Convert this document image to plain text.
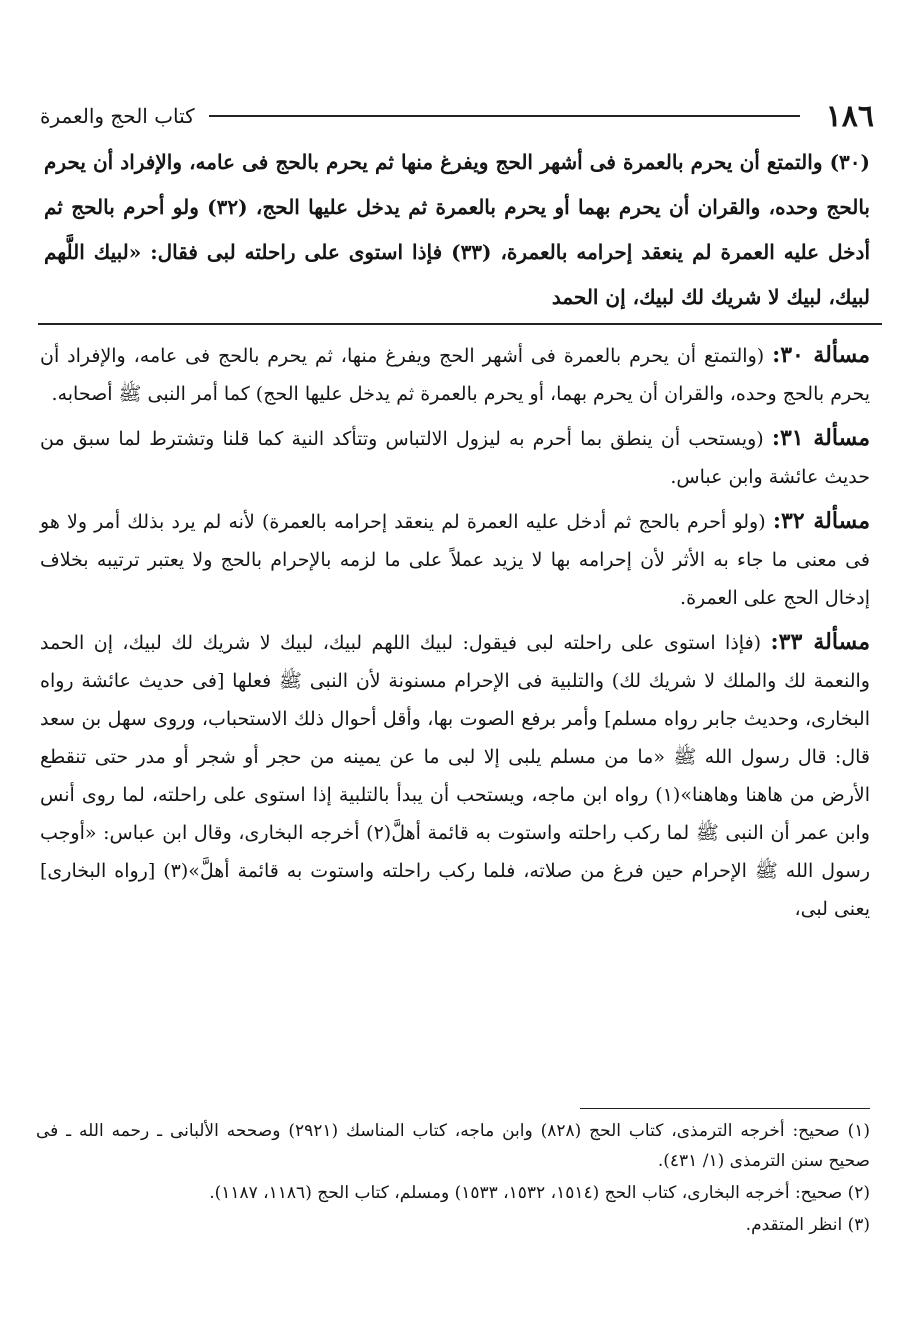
١٨٦
كتاب الحج والعمرة

(٣٠) والتمتع أن يحرم بالعمرة فى أشهر الحج ويفرغ منها ثم يحرم بالحج فى عامه، والإفراد أن يحرم بالحج وحده، والقران أن يحرم بهما أو يحرم بالعمرة ثم يدخل عليها الحج، (٣٢) ولو أحرم بالحج ثم أدخل عليه العمرة لم ينعقد إحرامه بالعمرة، (٣٣) فإذا استوى على راحلته لبى فقال: «لبيك اللَّهم لبيك، لبيك لا شريك لك لبيك، إن الحمد

مسألة ٣٠: (والتمتع أن يحرم بالعمرة فى أشهر الحج ويفرغ منها، ثم يحرم بالحج فى عامه، والإفراد أن يحرم بالحج وحده، والقران أن يحرم بهما، أو يحرم بالعمرة ثم يدخل عليها الحج) كما أمر النبى ﷺ أصحابه.

مسألة ٣١: (ويستحب أن ينطق بما أحرم به ليزول الالتباس وتتأكد النية كما قلنا وتشترط لما سبق من حديث عائشة وابن عباس.

مسألة ٣٢: (ولو أحرم بالحج ثم أدخل عليه العمرة لم ينعقد إحرامه بالعمرة) لأنه لم يرد بذلك أمر ولا هو فى معنى ما جاء به الأثر لأن إحرامه بها لا يزيد عملاً على ما لزمه بالإحرام بالحج ولا يعتبر ترتيبه بخلاف إدخال الحج على العمرة.

مسألة ٣٣: (فإذا استوى على راحلته لبى فيقول: لبيك اللهم لبيك، لبيك لا شريك لك لبيك، إن الحمد والنعمة لك والملك لا شريك لك) والتلبية فى الإحرام مسنونة لأن النبى ﷺ فعلها [فى حديث عائشة رواه البخارى، وحديث جابر رواه مسلم] وأمر برفع الصوت بها، وأقل أحوال ذلك الاستحباب، وروى سهل بن سعد قال: قال رسول الله ﷺ «ما من مسلم يلبى إلا لبى ما عن يمينه من حجر أو شجر أو مدر حتى تنقطع الأرض من هاهنا وهاهنا»(١) رواه ابن ماجه، ويستحب أن يبدأ بالتلبية إذا استوى على راحلته، لما روى أنس وابن عمر أن النبى ﷺ لما ركب راحلته واستوت به قائمة أهلَّ(٢) أخرجه البخارى، وقال ابن عباس: «أوجب رسول الله ﷺ الإحرام حين فرغ من صلاته، فلما ركب راحلته واستوت به قائمة أهلَّ»(٣) [رواه البخارى] يعنى لبى،

(١) صحيح: أخرجه الترمذى، كتاب الحج (٨٢٨) وابن ماجه، كتاب المناسك (٢٩٢١) وصححه الألبانى ـ رحمه الله ـ فى صحيح سنن الترمذى (١/ ٤٣١).

(٢) صحيح: أخرجه البخارى، كتاب الحج (١٥١٤، ١٥٣٢، ١٥٣٣) ومسلم، كتاب الحج (١١٨٦، ١١٨٧).

(٣) انظر المتقدم.
